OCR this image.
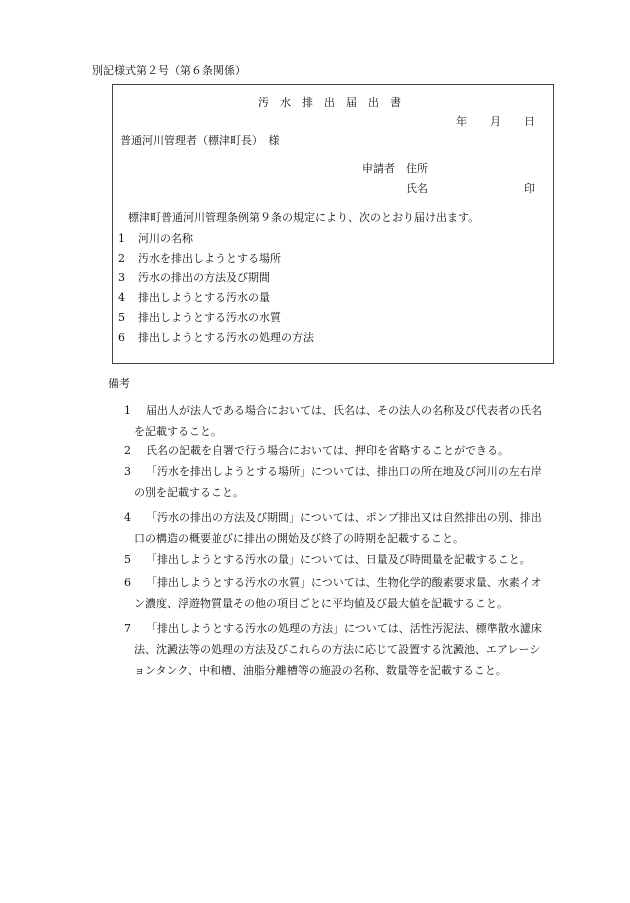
別記様式第２号（第６条関係）
汚　水　排　出　届　出　書
年 月 日
普通河川管理者（標津町長）　様
申請者 住所
氏名	印
標津町普通河川管理条例第９条の規定により、次のとおり届け出ます。
1 河川の名称
2 汚水を排出しようとする場所
3 汚水の排出の方法及び期間
4 排出しようとする汚水の量
5 排出しようとする汚水の水質
6 排出しようとする汚水の処理の方法
備考
1 届出人が法人である場合においては、氏名は、その法人の名称及び代表者の氏名
を記載すること。
2 氏名の記載を自署で行う場合においては、押印を省略することができる。
3 「汚水を排出しようとする場所」については、排出口の所在地及び河川の左右岸
の別を記載すること。
4 「汚水の排出の方法及び期間」については、ポンプ排出又は自然排出の別、排出
口の構造の概要並びに排出の開始及び終了の時期を記載すること。
5 「排出しようとする汚水の量」については、日量及び時間量を記載すること。
6 「排出しようとする汚水の水質」については、生物化学的酸素要求量、水素イオ
ン濃度、浮遊物質量その他の項目ごとに平均値及び最大値を記載すること。
7 「排出しようとする汚水の処理の方法」については、活性汚泥法、標準散水濾床
法、沈澱法等の処理の方法及びこれらの方法に応じて設置する沈澱池、エアレーシ
ョンタンク、中和槽、油脂分離槽等の施設の名称、数量等を記載すること。
